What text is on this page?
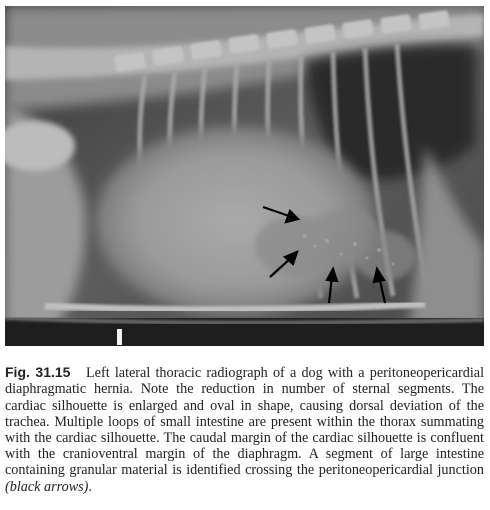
Fig. 31.15 Left lateral thoracic radiograph of a dog with a peritoneopericardial diaphragmatic hernia. Note the reduction in number of sternal segments. The cardiac silhouette is enlarged and oval in shape, causing dorsal deviation of the trachea. Multiple loops of small intestine are present within the thorax summating with the cardiac silhouette. The caudal margin of the cardiac silhouette is confluent with the cranioventral margin of the diaphragm. A segment of large intestine containing granular material is identified crossing the peritoneopericardial junction (black arrows).
